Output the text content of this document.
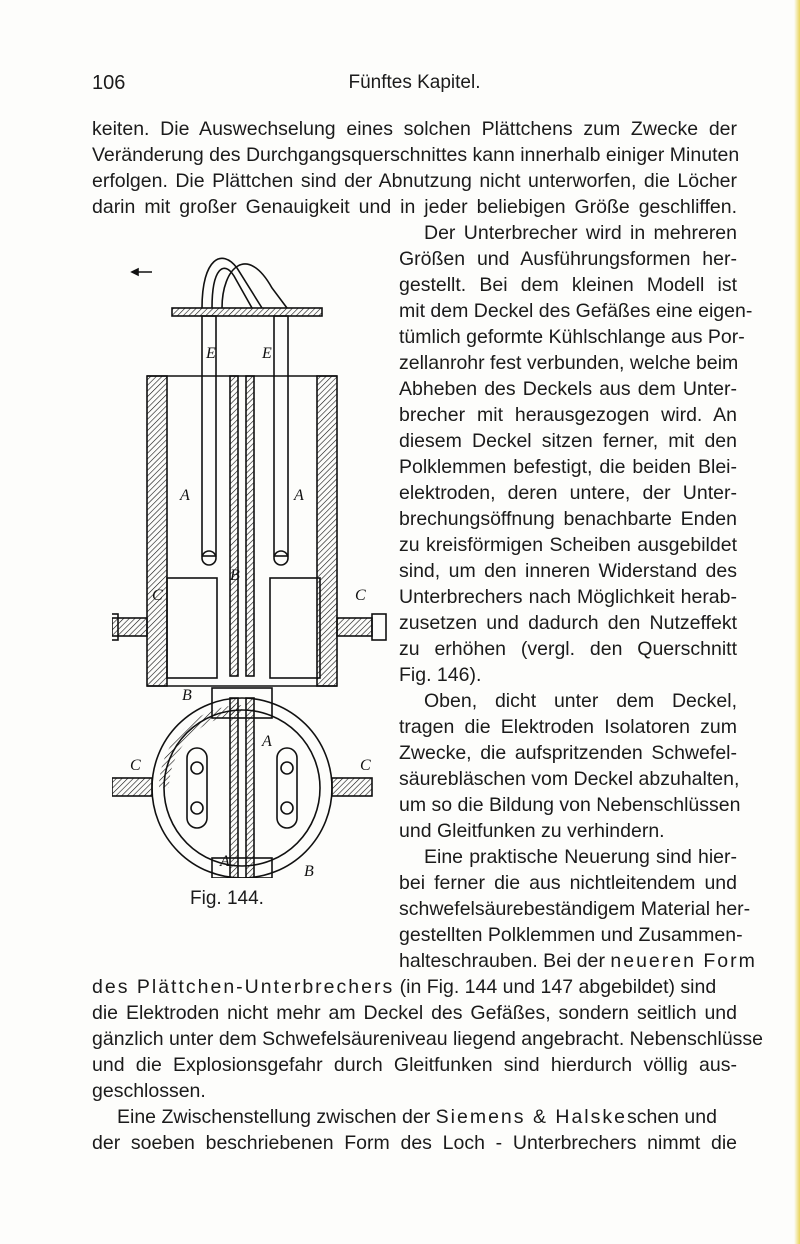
106	Fünftes Kapitel.
keiten. Die Auswechselung eines solchen Plättchens zum Zwecke der
Veränderung des Durchgangsquerschnittes kann innerhalb einiger Minuten
erfolgen. Die Plättchen sind der Abnutzung nicht unterworfen, die Löcher
darin mit großer Genauigkeit und in jeder beliebigen Größe geschliffen.
Der Unterbrecher wird in mehreren
Größen und Ausführungsformen her-
gestellt. Bei dem kleinen Modell ist
mit dem Deckel des Gefäßes eine eigen-
tümlich geformte Kühlschlange aus Por-
zellanrohr fest verbunden, welche beim
Abheben des Deckels aus dem Unter-
brecher mit herausgezogen wird. An
diesem Deckel sitzen ferner, mit den
Polklemmen befestigt, die beiden Blei-
elektroden, deren untere, der Unter-
brechungsöffnung benachbarte Enden
zu kreisförmigen Scheiben ausgebildet
sind, um den inneren Widerstand des
Unterbrechers nach Möglichkeit herab-
zusetzen und dadurch den Nutzeffekt
zu erhöhen (vergl. den Querschnitt
Fig. 146).
Oben, dicht unter dem Deckel,
tragen die Elektroden Isolatoren zum
Zwecke, die aufspritzenden Schwefel-
säurebläschen vom Deckel abzuhalten,
um so die Bildung von Nebenschlüssen
und Gleitfunken zu verhindern.
Eine praktische Neuerung sind hier-
bei ferner die aus nichtleitendem und
schwefelsäurebeständigem Material her-
gestellten Polklemmen und Zusammen-
halteschrauben. Bei der neueren Form
des Plättchen-Unterbrechers (in Fig. 144 und 147 abgebildet) sind
die Elektroden nicht mehr am Deckel des Gefäßes, sondern seitlich und
gänzlich unter dem Schwefelsäureniveau liegend angebracht. Nebenschlüsse
und die Explosionsgefahr durch Gleitfunken sind hierdurch völlig aus-
geschlossen.
Eine Zwischenstellung zwischen der Siemens & Halskeschen und
der soeben beschriebenen Form des Loch - Unterbrechers nimmt die
A	A
E	E
C	C
B
B
A
A
C	C
B
Fig. 144.
